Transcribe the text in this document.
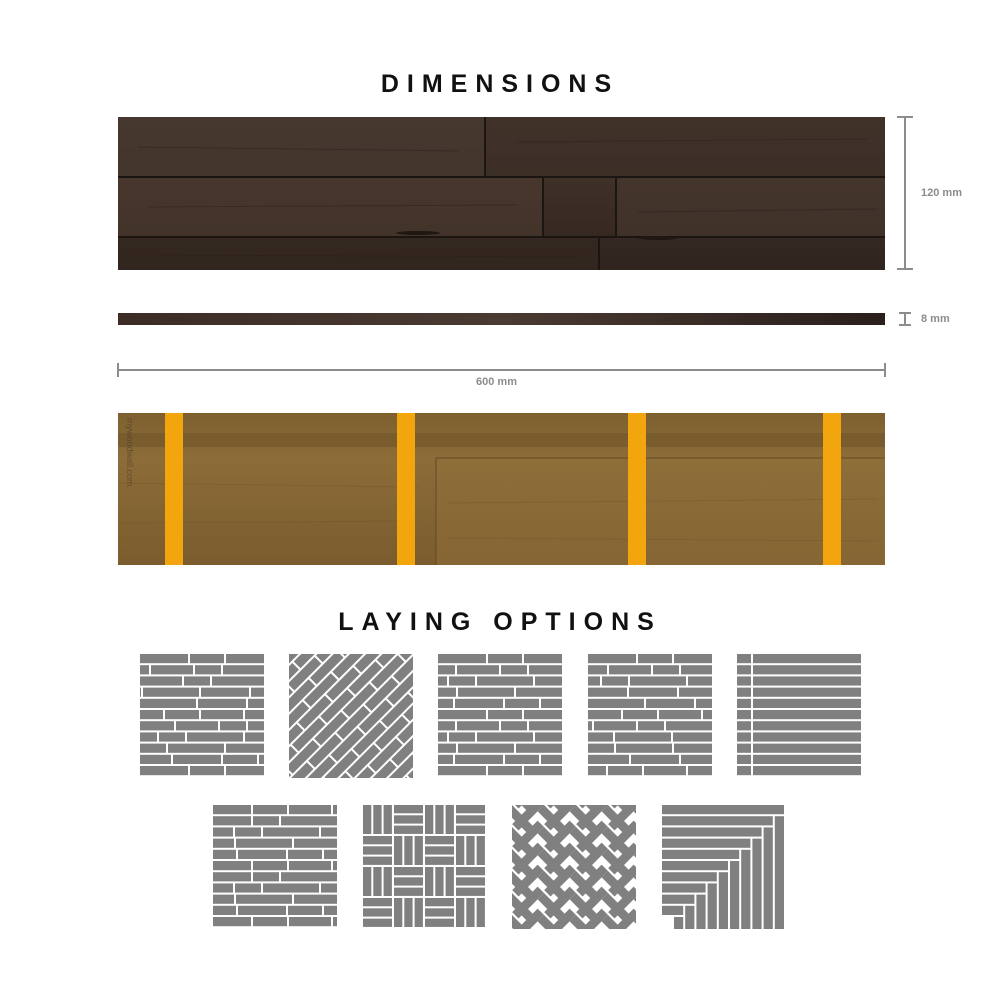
DIMENSIONS
120 mm
8 mm
600 mm
mywoodwall.com
LAYING OPTIONS
